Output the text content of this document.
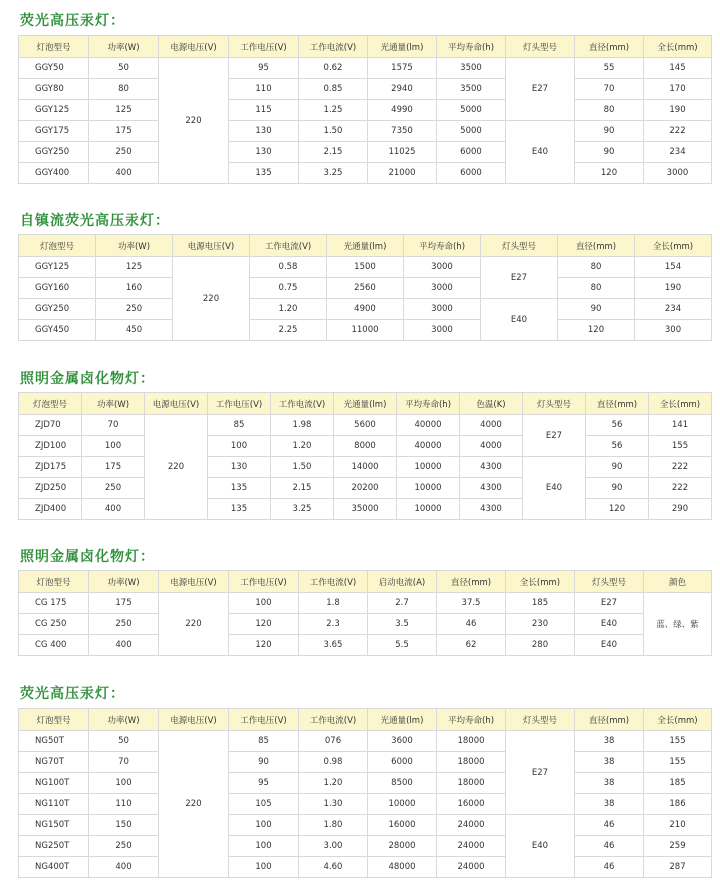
荧光高压汞灯：
灯泡型号	功率(W)	电源电压(V)	工作电压(V)	工作电流(V)	光通量(lm)	平均寿命(h)	灯头型号	直径(mm)	全长(mm)
GGY50	50	220	95	0.62	1575	3500	E27	55	145
GGY80	80		110	0.85	2940	3500		70	170
GGY125	125		115	1.25	4990	5000		80	190
GGY175	175		130	1.50	7350	5000	E40	90	222
GGY250	250		130	2.15	11025	6000		90	234
GGY400	400		135	3.25	21000	6000		120	3000
自镇流荧光高压汞灯：
灯泡型号	功率(W)	电源电压(V)	工作电流(V)	光通量(lm)	平均寿命(h)	灯头型号	直径(mm)	全长(mm)
GGY125	125	220	0.58	1500	3000	E27	80	154
GGY160	160		0.75	2560	3000		80	190
GGY250	250		1.20	4900	3000	E40	90	234
GGY450	450		2.25	11000	3000		120	300
照明金属卤化物灯：
灯泡型号	功率(W)	电源电压(V)	工作电压(V)	工作电流(V)	光通量(lm)	平均寿命(h)	色温(K)	灯头型号	直径(mm)	全长(mm)
ZJD70	70	220	85	1.98	5600	40000	4000	E27	56	141
ZJD100	100		100	1.20	8000	40000	4000		56	155
ZJD175	175		130	1.50	14000	10000	4300	E40	90	222
ZJD250	250		135	2.15	20200	10000	4300		90	222
ZJD400	400		135	3.25	35000	10000	4300		120	290
照明金属卤化物灯：
灯泡型号	功率(W)	电源电压(V)	工作电压(V)	工作电流(V)	启动电流(A)	直径(mm)	全长(mm)	灯头型号	颜色
CG 175	175	220	100	1.8	2.7	37.5	185	E27	蓝、绿、紫
CG 250	250		120	2.3	3.5	46	230	E40	
CG 400	400		120	3.65	5.5	62	280	E40	
荧光高压汞灯：
灯泡型号	功率(W)	电源电压(V)	工作电压(V)	工作电流(V)	光通量(lm)	平均寿命(h)	灯头型号	直径(mm)	全长(mm)
NG50T	50	220	85	076	3600	18000	E27	38	155
NG70T	70		90	0.98	6000	18000		38	155
NG100T	100		95	1.20	8500	18000		38	185
NG110T	110		105	1.30	10000	16000		38	186
NG150T	150		100	1.80	16000	24000	E40	46	210
NG250T	250		100	3.00	28000	24000		46	259
NG400T	400		100	4.60	48000	24000		46	287
